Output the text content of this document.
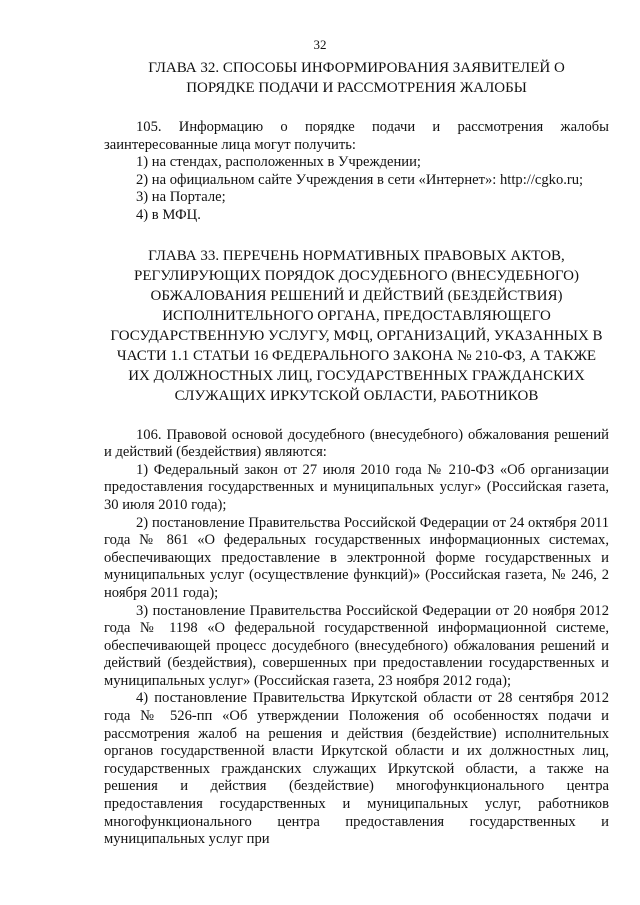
32
ГЛАВА 32. СПОСОБЫ ИНФОРМИРОВАНИЯ ЗАЯВИТЕЛЕЙ О
ПОРЯДКЕ ПОДАЧИ И РАССМОТРЕНИЯ ЖАЛОБЫ

105. Информацию о порядке подачи и рассмотрения жалобы заинтересованные лица могут получить:

1) на стендах, расположенных в Учреждении;

2) на официальном сайте Учреждения в сети «Интернет»: http://cgko.ru;

3) на Портале;

4) в МФЦ.

ГЛАВА 33. ПЕРЕЧЕНЬ НОРМАТИВНЫХ ПРАВОВЫХ АКТОВ,
РЕГУЛИРУЮЩИХ ПОРЯДОК ДОСУДЕБНОГО (ВНЕСУДЕБНОГО)
ОБЖАЛОВАНИЯ РЕШЕНИЙ И ДЕЙСТВИЙ (БЕЗДЕЙСТВИЯ)
ИСПОЛНИТЕЛЬНОГО ОРГАНА, ПРЕДОСТАВЛЯЮЩЕГО
ГОСУДАРСТВЕННУЮ УСЛУГУ, МФЦ, ОРГАНИЗАЦИЙ, УКАЗАННЫХ В
ЧАСТИ 1.1 СТАТЬИ 16 ФЕДЕРАЛЬНОГО ЗАКОНА № 210-ФЗ, А ТАКЖЕ
ИХ ДОЛЖНОСТНЫХ ЛИЦ, ГОСУДАРСТВЕННЫХ ГРАЖДАНСКИХ
СЛУЖАЩИХ ИРКУТСКОЙ ОБЛАСТИ, РАБОТНИКОВ

106. Правовой основой досудебного (внесудебного) обжалования решений и действий (бездействия) являются:

1) Федеральный закон от 27 июля 2010 года № 210-ФЗ «Об организации предоставления государственных и муниципальных услуг» (Российская газета, 30 июля 2010 года);

2) постановление Правительства Российской Федерации от 24 октября 2011 года № 861 «О федеральных государственных информационных системах, обеспечивающих предоставление в электронной форме государственных и муниципальных услуг (осуществление функций)» (Российская газета, № 246, 2 ноября 2011 года);

3) постановление Правительства Российской Федерации от 20 ноября 2012 года № 1198 «О федеральной государственной информационной системе, обеспечивающей процесс досудебного (внесудебного) обжалования решений и действий (бездействия), совершенных при предоставлении государственных и муниципальных услуг» (Российская газета, 23 ноября 2012 года);

4) постановление Правительства Иркутской области от 28 сентября 2012 года № 526-пп «Об утверждении Положения об особенностях подачи и рассмотрения жалоб на решения и действия (бездействие) исполнительных органов государственной власти Иркутской области и их должностных лиц, государственных гражданских служащих Иркутской области, а также на решения и действия (бездействие) многофункционального центра предоставления государственных и муниципальных услуг, работников многофункционального центра предоставления государственных и муниципальных услуг при
